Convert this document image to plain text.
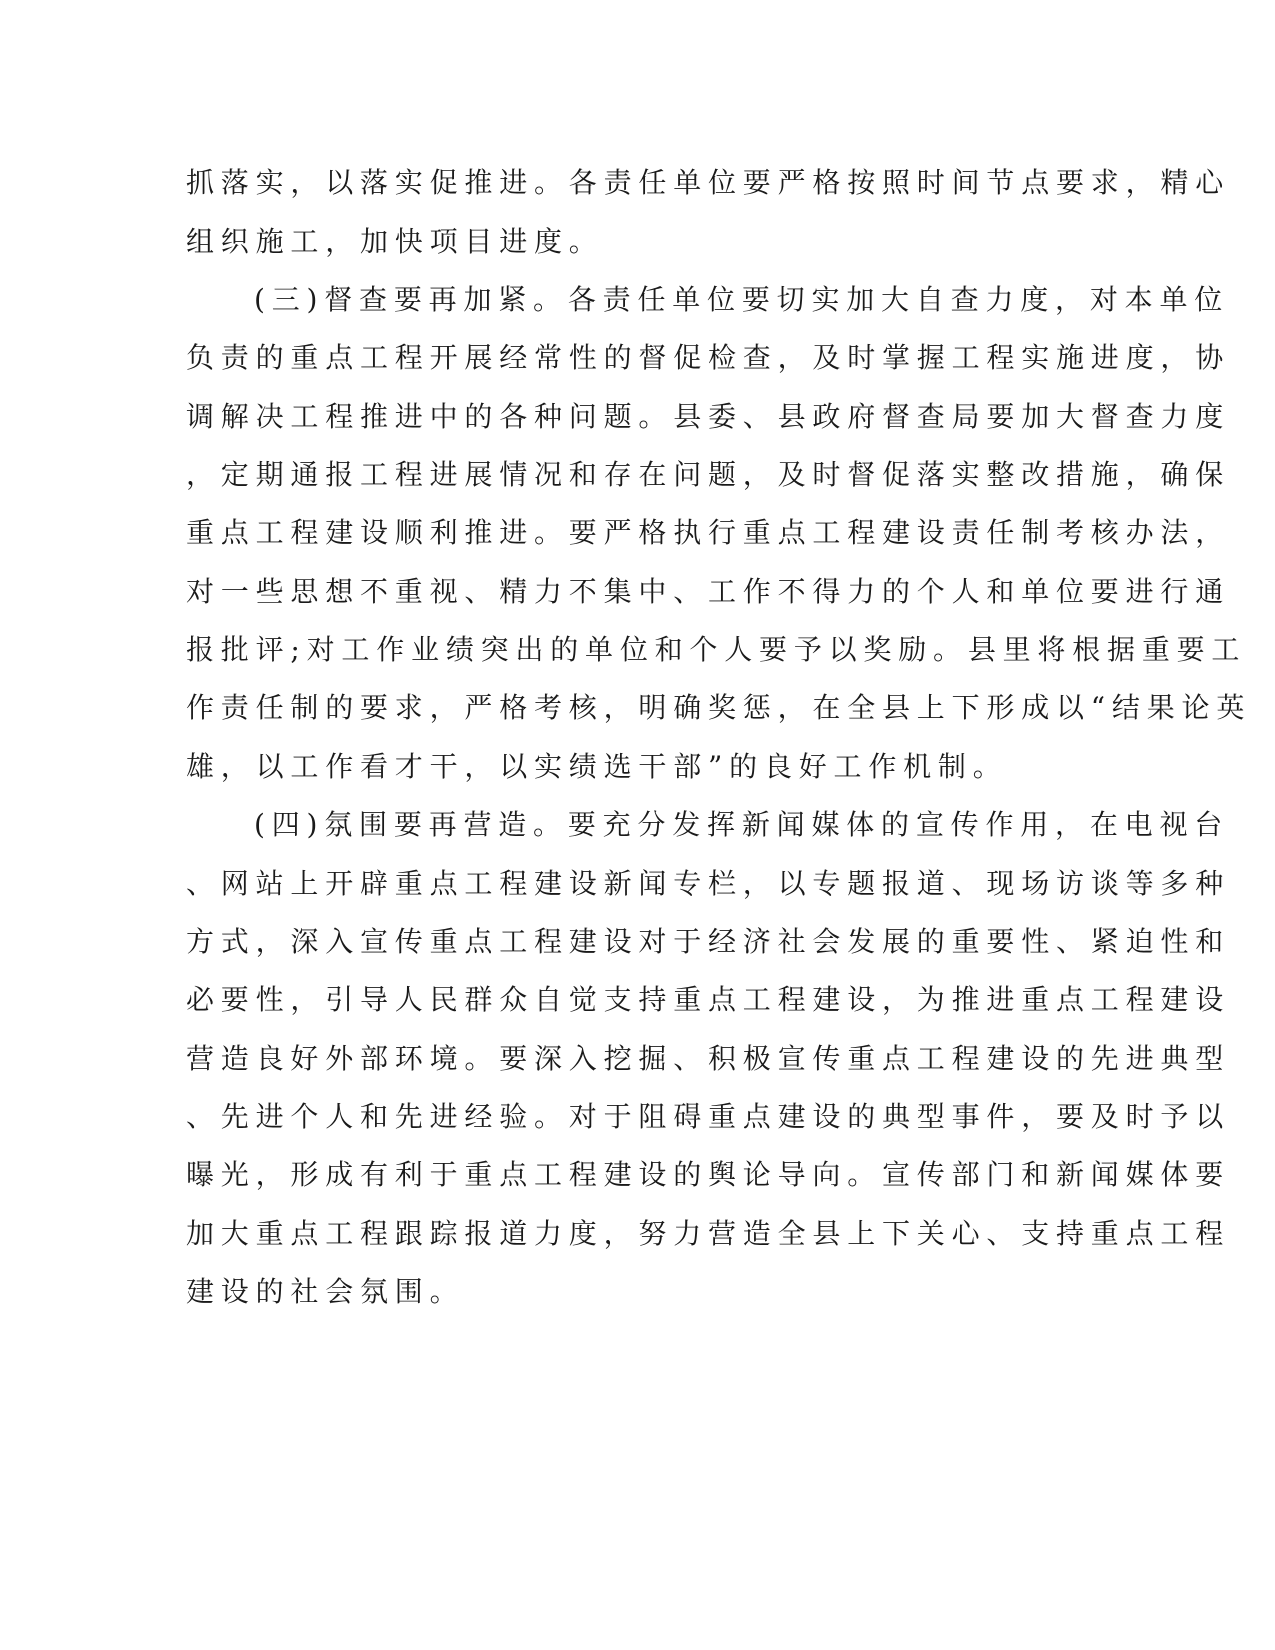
抓落实，以落实促推进。各责任单位要严格按照时间节点要求，精心
组织施工，加快项目进度。
(三)督查要再加紧。各责任单位要切实加大自查力度，对本单位
负责的重点工程开展经常性的督促检查，及时掌握工程实施进度，协
调解决工程推进中的各种问题。县委、县政府督查局要加大督查力度
，定期通报工程进展情况和存在问题，及时督促落实整改措施，确保
重点工程建设顺利推进。要严格执行重点工程建设责任制考核办法，
对一些思想不重视、精力不集中、工作不得力的个人和单位要进行通
报批评;对工作业绩突出的单位和个人要予以奖励。县里将根据重要工
作责任制的要求，严格考核，明确奖惩，在全县上下形成以“结果论英
雄，以工作看才干，以实绩选干部”的良好工作机制。
(四)氛围要再营造。要充分发挥新闻媒体的宣传作用，在电视台
、网站上开辟重点工程建设新闻专栏，以专题报道、现场访谈等多种
方式，深入宣传重点工程建设对于经济社会发展的重要性、紧迫性和
必要性，引导人民群众自觉支持重点工程建设，为推进重点工程建设
营造良好外部环境。要深入挖掘、积极宣传重点工程建设的先进典型
、先进个人和先进经验。对于阻碍重点建设的典型事件，要及时予以
曝光，形成有利于重点工程建设的舆论导向。宣传部门和新闻媒体要
加大重点工程跟踪报道力度，努力营造全县上下关心、支持重点工程
建设的社会氛围。
